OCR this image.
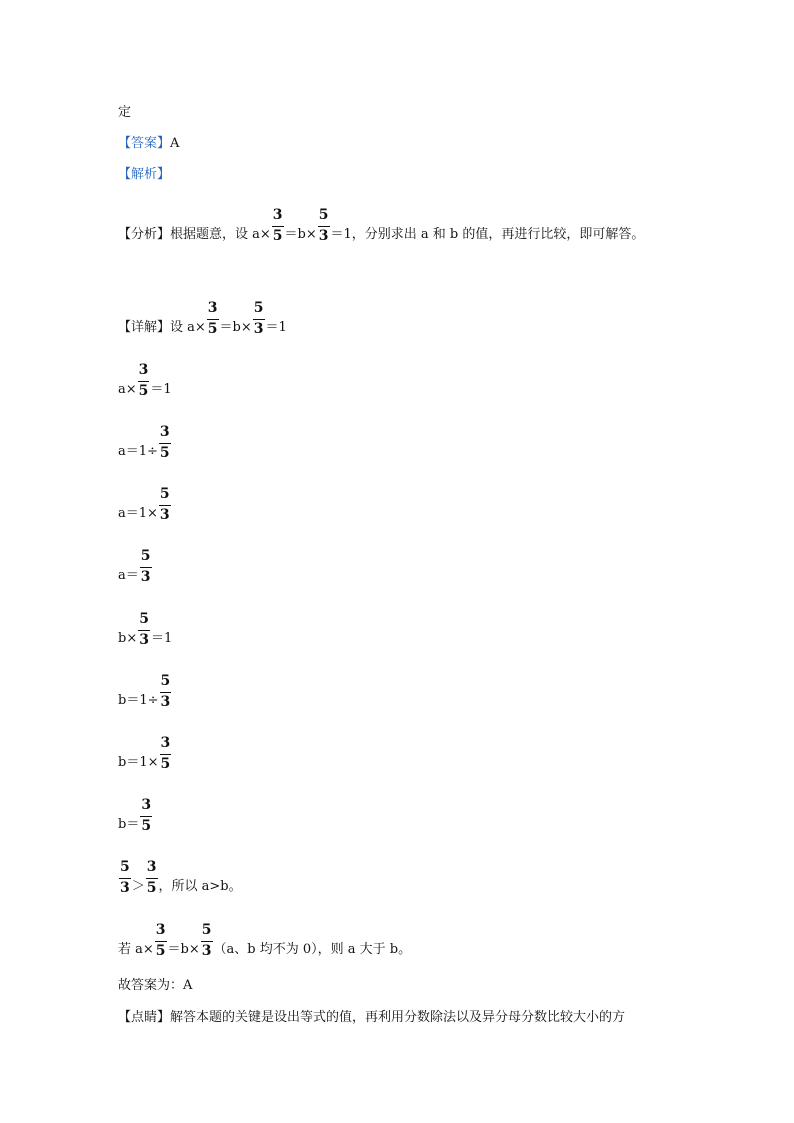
定
【答案】 A
【解析】
【分析】 根据题意，设 $a\times \frac{3}{5} =b\times \frac{5}{3} =1$，分别求出 a 和 b 的值，再进行比较，即可解答。
【详解】 设 $a\times \frac{3}{5} =b\times \frac{5}{3} =1$
$a\times \frac{3}{5} =1$
$a=1\div \frac{3}{5}$
$a=1\times \frac{5}{3}$
$a= \frac{5}{3}$
$b\times \frac{5}{3} =1$
$b=1\div \frac{5}{3}$
$b=1\times \frac{3}{5}$
$b= \frac{3}{5}$
$\frac{5}{3} > \frac{3}{5}$ ，所以 a>b。
若 $a\times \frac{3}{5} =b\times \frac{5}{3} (a$、b 均不为 0），则 a 大于 b。
故答案为：A
【点睛】 解答本题的关键是设出等式的值，再利用分数除法以及异分母分数比较大小的方
